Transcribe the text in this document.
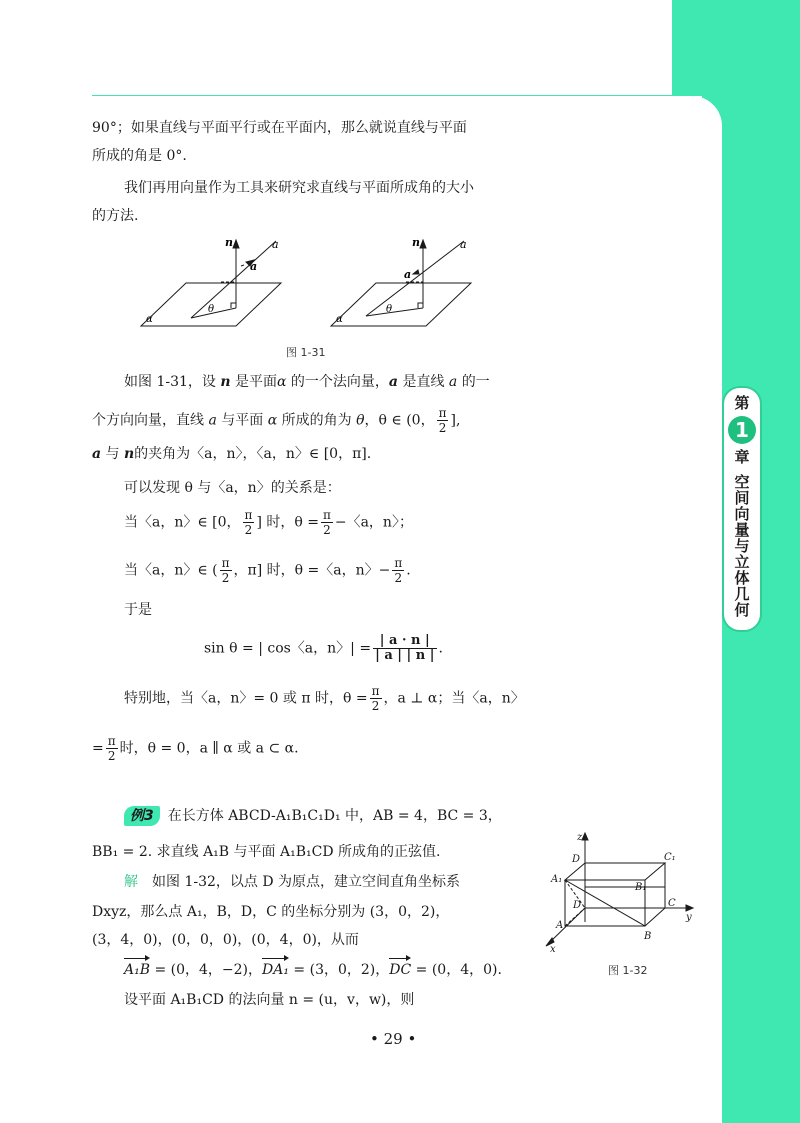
第
1
章
空间向量与立体几何
90°；如果直线与平面平行或在平面内，那么就说直线与平面
所成的角是 0°.
我们再用向量作为工具来研究求直线与平面所成角的大小
的方法.
n	a
a
α
θ
n	a
a
α
θ
图 1-31
如图 1-31，设 n 是平面α 的一个法向量，a 是直线 a 的一
个方向向量，直线 a 与平面 α 所成的角为 θ，θ ∈ (0， $\frac{\pi}{2}$ ],
a 与 n的夹角为〈a，n〉，〈a，n〉∈ [0，π].
可以发现 θ 与〈a，n〉的关系是：
当〈a，n〉∈ [0， $\frac{\pi}{2}$ ] 时，$\theta = \frac{\pi}{2}$ −〈a，n〉；
当〈a，n〉∈ ( $\frac{\pi}{2}$ ，π] 时，θ =〈a，n〉− $\frac{\pi}{2}$ .
于是
sin θ = | cos〈a，n〉| = $\frac{| a \cdot n |}{| a | | n |}$ .
特别地，当〈a，n〉= 0 或 π 时，$\theta = \frac{\pi}{2}$ ，a ⊥ α；当〈a，n〉
= $\frac{\pi}{2}$ 时，θ = 0，a ∥ α 或 a ⊂ α.
例3 在长方体 ABCD-A₁B₁C₁D₁ 中，AB = 4，BC = 3，
BB₁ = 2. 求直线 A₁B 与平面 A₁B₁CD 所成角的正弦值.
解　 如图 1-32，以点 D 为原点，建立空间直角坐标系
Dxyz，那么点 A₁，B，D，C 的坐标分别为 (3，0，2)，
(3，4，0)，(0，0，0)，(0，4，0)，从而
A₁B = (0，4，−2)，DA₁ = (3，0，2)，DC = (0，4，0).
设平面 A₁B₁CD 的法向量 n = (u，v，w)，则
z
D	C₁
A₁
B₁
D	C
y
A
B
x
图 1-32
• 29 •
